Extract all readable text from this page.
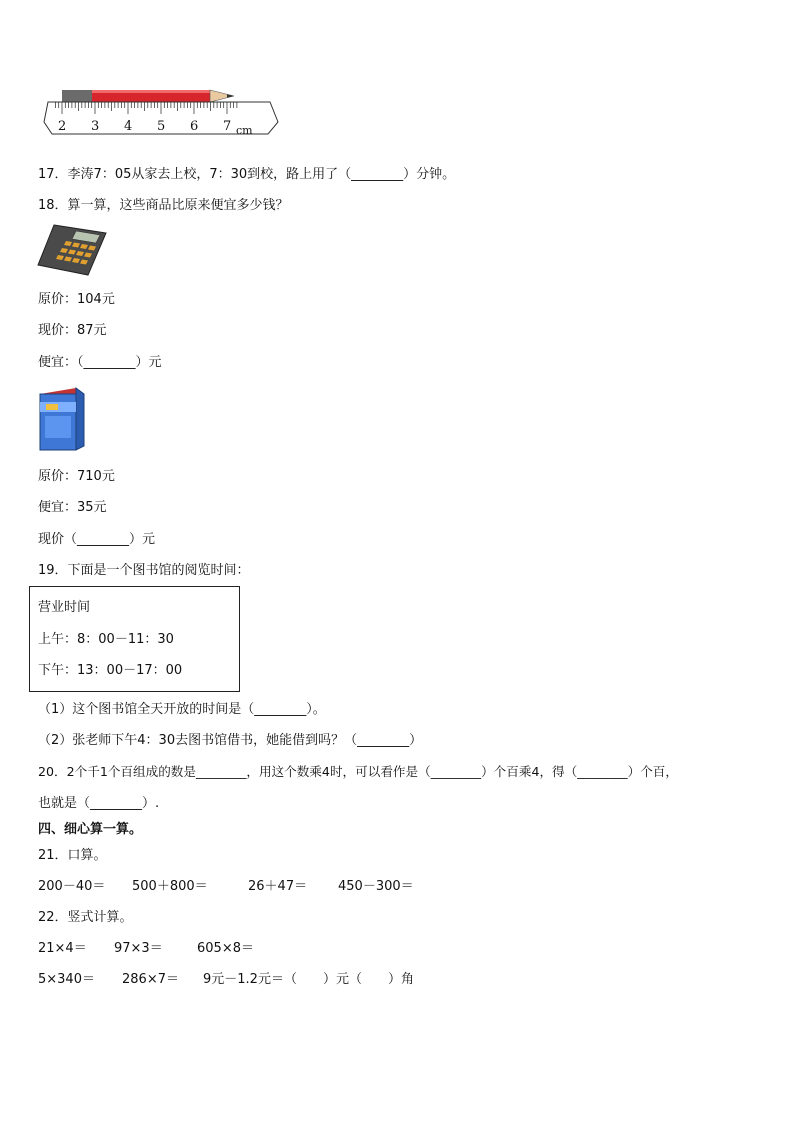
2 3 4 5 6 7 cm
17．李涛7：05从家去上校，7：30到校，路上用了（________）分钟。
18．算一算，这些商品比原来便宜多少钱？
原价：104元
现价：87元
便宜：（________）元
原价：710元
便宜：35元
现价（________）元
19．下面是一个图书馆的阅览时间：
营业时间
上午：8：00－11：30
下午：13：00－17：00
（1）这个图书馆全天开放的时间是（________）。
（2）张老师下午4：30去图书馆借书，她能借到吗？（________）
20．2个千1个百组成的数是________，用这个数乘4时，可以看作是（________）个百乘4，得（________）个百，
也就是（________）.
四、细心算一算。
21．口算。
200－40＝ 500＋800＝	26＋47＝ 450－300＝
22．竖式计算。
21×4＝ 97×3＝	605×8＝
5×340＝ 286×7＝ 9元－1.2元＝（　　）元（　　）角
